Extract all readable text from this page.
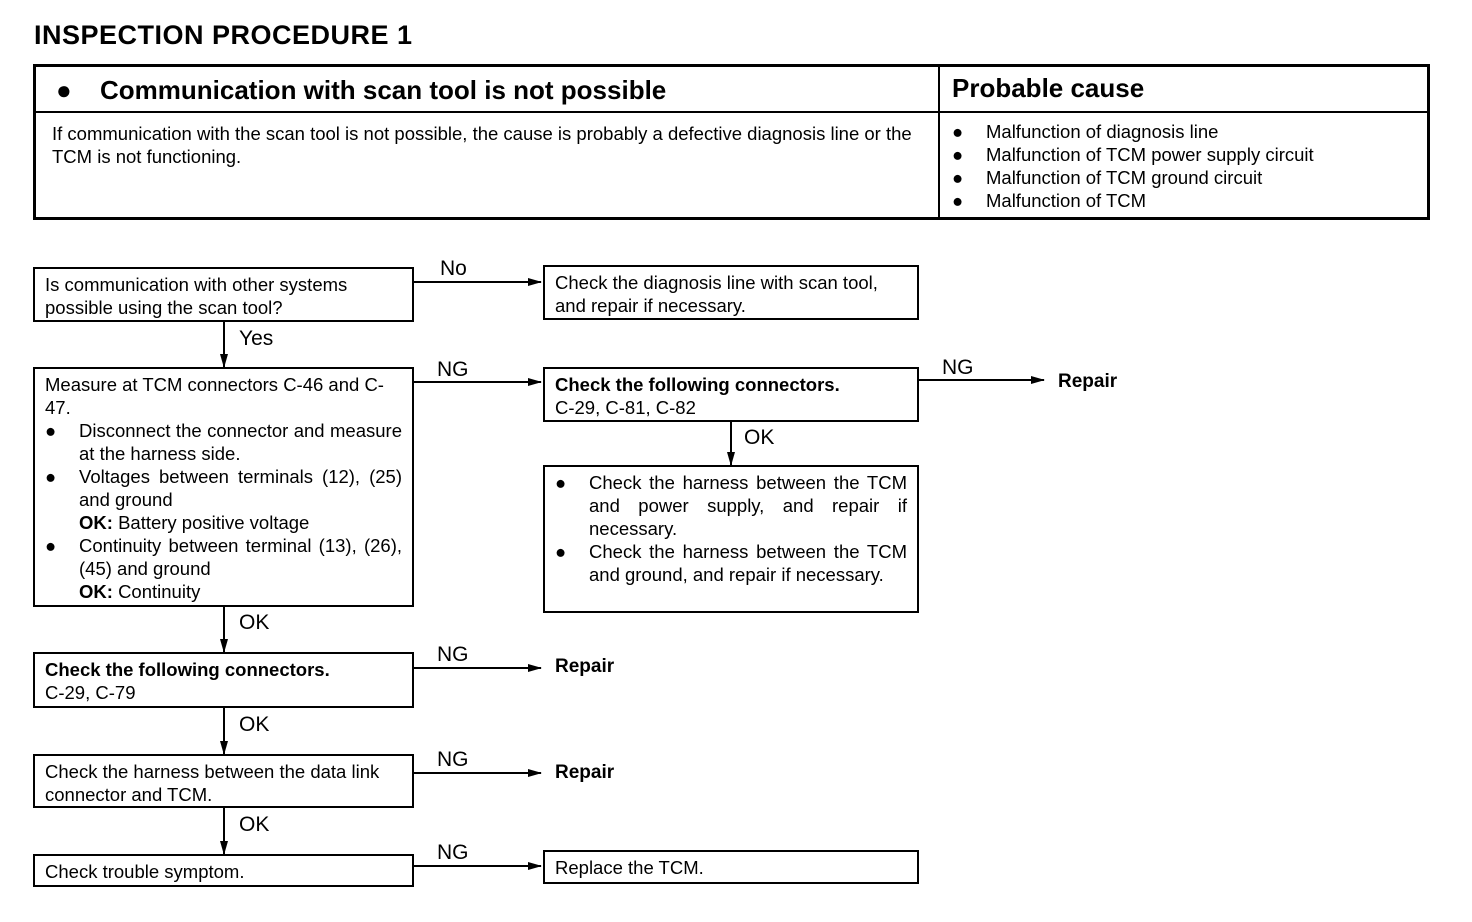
INSPECTION PROCEDURE 1
● Communication with scan tool is not possible	Probable cause
If communication with the scan tool is not possible, the cause is probably a defective diagnosis line or the TCM is not functioning.
●	Malfunction of diagnosis line
●	Malfunction of TCM power supply circuit
●	Malfunction of TCM ground circuit
●	Malfunction of TCM
Is communication with other systems possible using the scan tool?
No
Check the diagnosis line with scan tool, and repair if necessary.
Yes
Measure at TCM connectors C-46 and C-47.
●	Disconnect the connector and measure at the harness side.
●	Voltages between terminals (12), (25) and ground
OK: Battery positive voltage
●	Continuity between terminal (13), (26), (45) and ground
OK: Continuity
NG
Check the following connectors.
C-29, C-81, C-82
NG
Repair
OK
●	Check the harness between the TCM and power supply, and repair if necessary.
●	Check the harness between the TCM and ground, and repair if necessary.
OK
Check the following connectors.
C-29, C-79
NG
Repair
OK
Check the harness between the data link connector and TCM.
NG
Repair
OK
Check trouble symptom.
NG
Replace the TCM.
